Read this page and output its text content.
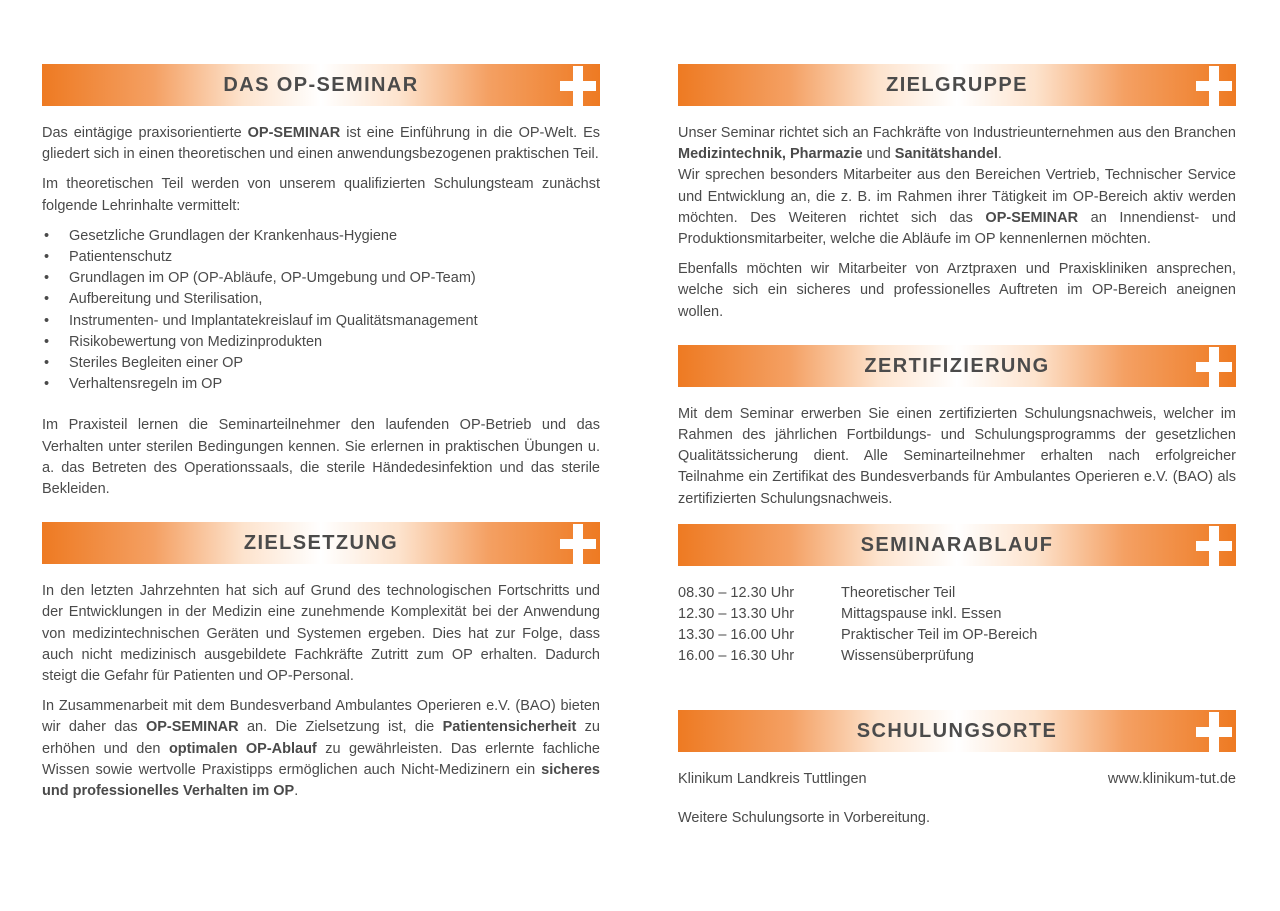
DAS OP-SEMINAR

Das eintägige praxisorientierte OP-SEMINAR ist eine Einführung in die OP-Welt. Es gliedert sich in einen theoretischen und einen anwendungsbezogenen praktischen Teil.

Im theoretischen Teil werden von unserem qualifizierten Schulungsteam zunächst folgende Lehrinhalte vermittelt:

• Gesetzliche Grundlagen der Krankenhaus-Hygiene
• Patientenschutz
• Grundlagen im OP (OP-Abläufe, OP-Umgebung und OP-Team)
• Aufbereitung und Sterilisation,
• Instrumenten- und Implantatekreislauf im Qualitätsmanagement
• Risikobewertung von Medizinprodukten
• Steriles Begleiten einer OP
• Verhaltensregeln im OP

Im Praxisteil lernen die Seminarteilnehmer den laufenden OP-Betrieb und das Verhalten unter sterilen Bedingungen kennen. Sie erlernen in praktischen Übungen u. a. das Betreten des Operationssaals, die sterile Händedesinfektion und das sterile Bekleiden.

ZIELSETZUNG

In den letzten Jahrzehnten hat sich auf Grund des technologischen Fortschritts und der Entwicklungen in der Medizin eine zunehmende Komplexität bei der Anwendung von medizintechnischen Geräten und Systemen ergeben. Dies hat zur Folge, dass auch nicht medizinisch ausgebildete Fachkräfte Zutritt zum OP erhalten. Dadurch steigt die Gefahr für Patienten und OP-Personal.

In Zusammenarbeit mit dem Bundesverband Ambulantes Operieren e.V. (BAO) bieten wir daher das OP-SEMINAR an. Die Zielsetzung ist, die Patientensicherheit zu erhöhen und den optimalen OP-Ablauf zu gewährleisten. Das erlernte fachliche Wissen sowie wertvolle Praxistipps ermöglichen auch Nicht-Medizinern ein sicheres und professionelles Verhalten im OP.

ZIELGRUPPE

Unser Seminar richtet sich an Fachkräfte von Industrieunternehmen aus den Branchen Medizintechnik, Pharmazie und Sanitätshandel.
Wir sprechen besonders Mitarbeiter aus den Bereichen Vertrieb, Technischer Service und Entwicklung an, die z. B. im Rahmen ihrer Tätigkeit im OP-Bereich aktiv werden möchten. Des Weiteren richtet sich das OP-SEMINAR an Innendienst- und Produktionsmitarbeiter, welche die Abläufe im OP kennenlernen möchten.

Ebenfalls möchten wir Mitarbeiter von Arztpraxen und Praxiskliniken ansprechen, welche sich ein sicheres und professionelles Auftreten im OP-Bereich aneignen wollen.

ZERTIFIZIERUNG

Mit dem Seminar erwerben Sie einen zertifizierten Schulungsnachweis, welcher im Rahmen des jährlichen Fortbildungs- und Schulungsprogramms der gesetzlichen Qualitätssicherung dient. Alle Seminarteilnehmer erhalten nach erfolgreicher Teilnahme ein Zertifikat des Bundesverbands für Ambulantes Operieren e.V. (BAO) als zertifizierten Schulungsnachweis.

SEMINARABLAUF
08.30 – 12.30 Uhr	Theoretischer Teil
12.30 – 13.30 Uhr	Mittagspause inkl. Essen
13.30 – 16.00 Uhr	Praktischer Teil im OP-Bereich
16.00 – 16.30 Uhr	Wissensüberprüfung
SCHULUNGSORTE
Klinikum Landkreis Tuttlingen	www.klinikum-tut.de
Weitere Schulungsorte in Vorbereitung.
